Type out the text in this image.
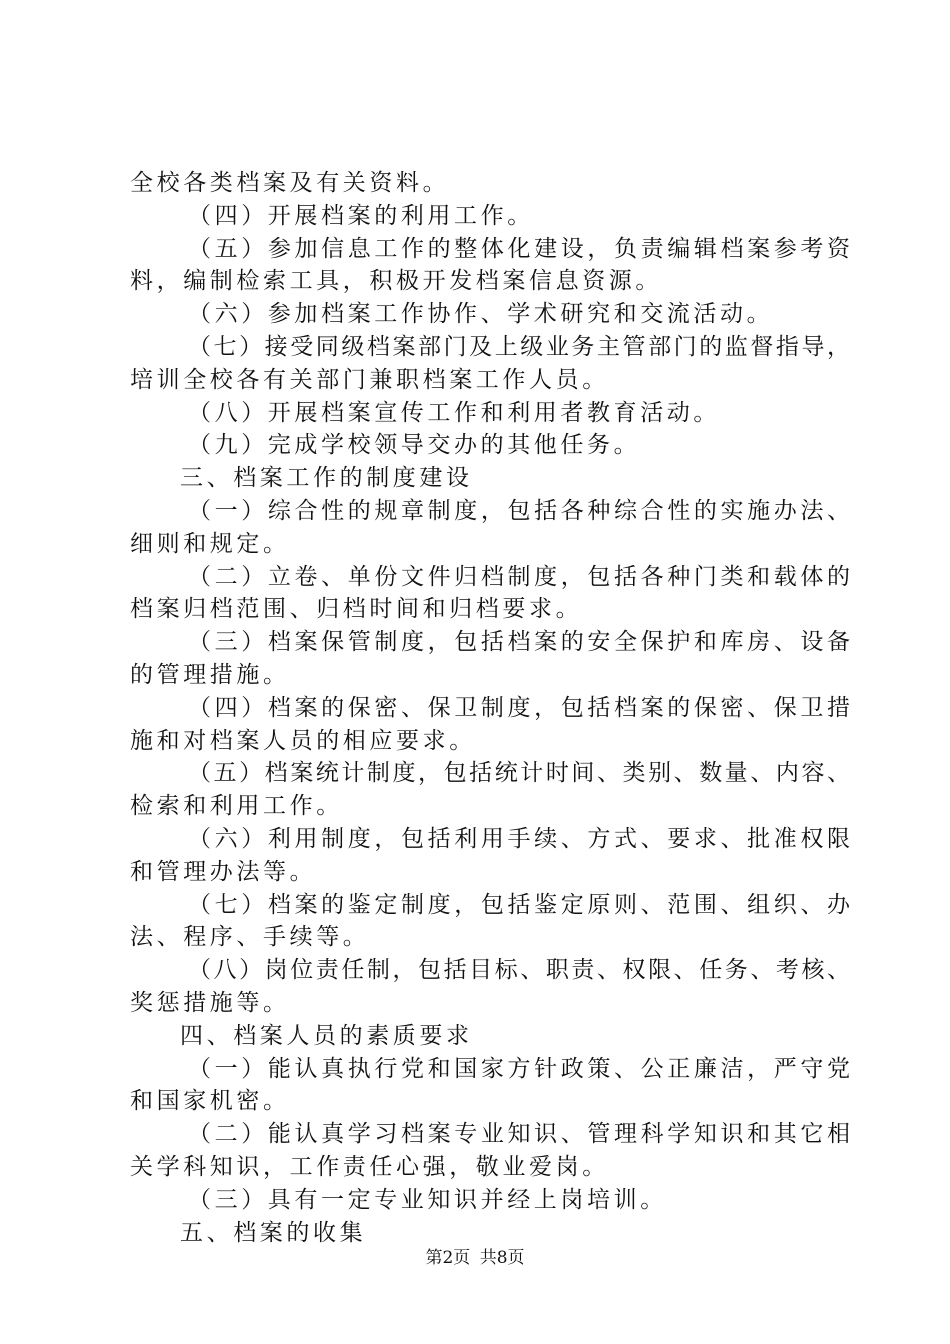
全校各类档案及有关资料。
（四）开展档案的利用工作。
（五）参加信息工作的整体化建设，负责编辑档案参考资
料，编制检索工具，积极开发档案信息资源。
（六）参加档案工作协作、学术研究和交流活动。
（七）接受同级档案部门及上级业务主管部门的监督指导，
培训全校各有关部门兼职档案工作人员。
（八）开展档案宣传工作和利用者教育活动。
（九）完成学校领导交办的其他任务。
三、档案工作的制度建设
（一）综合性的规章制度，包括各种综合性的实施办法、
细则和规定。
（二）立卷、单份文件归档制度，包括各种门类和载体的
档案归档范围、归档时间和归档要求。
（三）档案保管制度，包括档案的安全保护和库房、设备
的管理措施。
（四）档案的保密、保卫制度，包括档案的保密、保卫措
施和对档案人员的相应要求。
（五）档案统计制度，包括统计时间、类别、数量、内容、
检索和利用工作。
（六）利用制度，包括利用手续、方式、要求、批准权限
和管理办法等。
（七）档案的鉴定制度，包括鉴定原则、范围、组织、办
法、程序、手续等。
（八）岗位责任制，包括目标、职责、权限、任务、考核、
奖惩措施等。
四、档案人员的素质要求
（一）能认真执行党和国家方针政策、公正廉洁，严守党
和国家机密。
（二）能认真学习档案专业知识、管理科学知识和其它相
关学科知识，工作责任心强，敬业爱岗。
（三）具有一定专业知识并经上岗培训。
五、档案的收集
第2页 共8页
